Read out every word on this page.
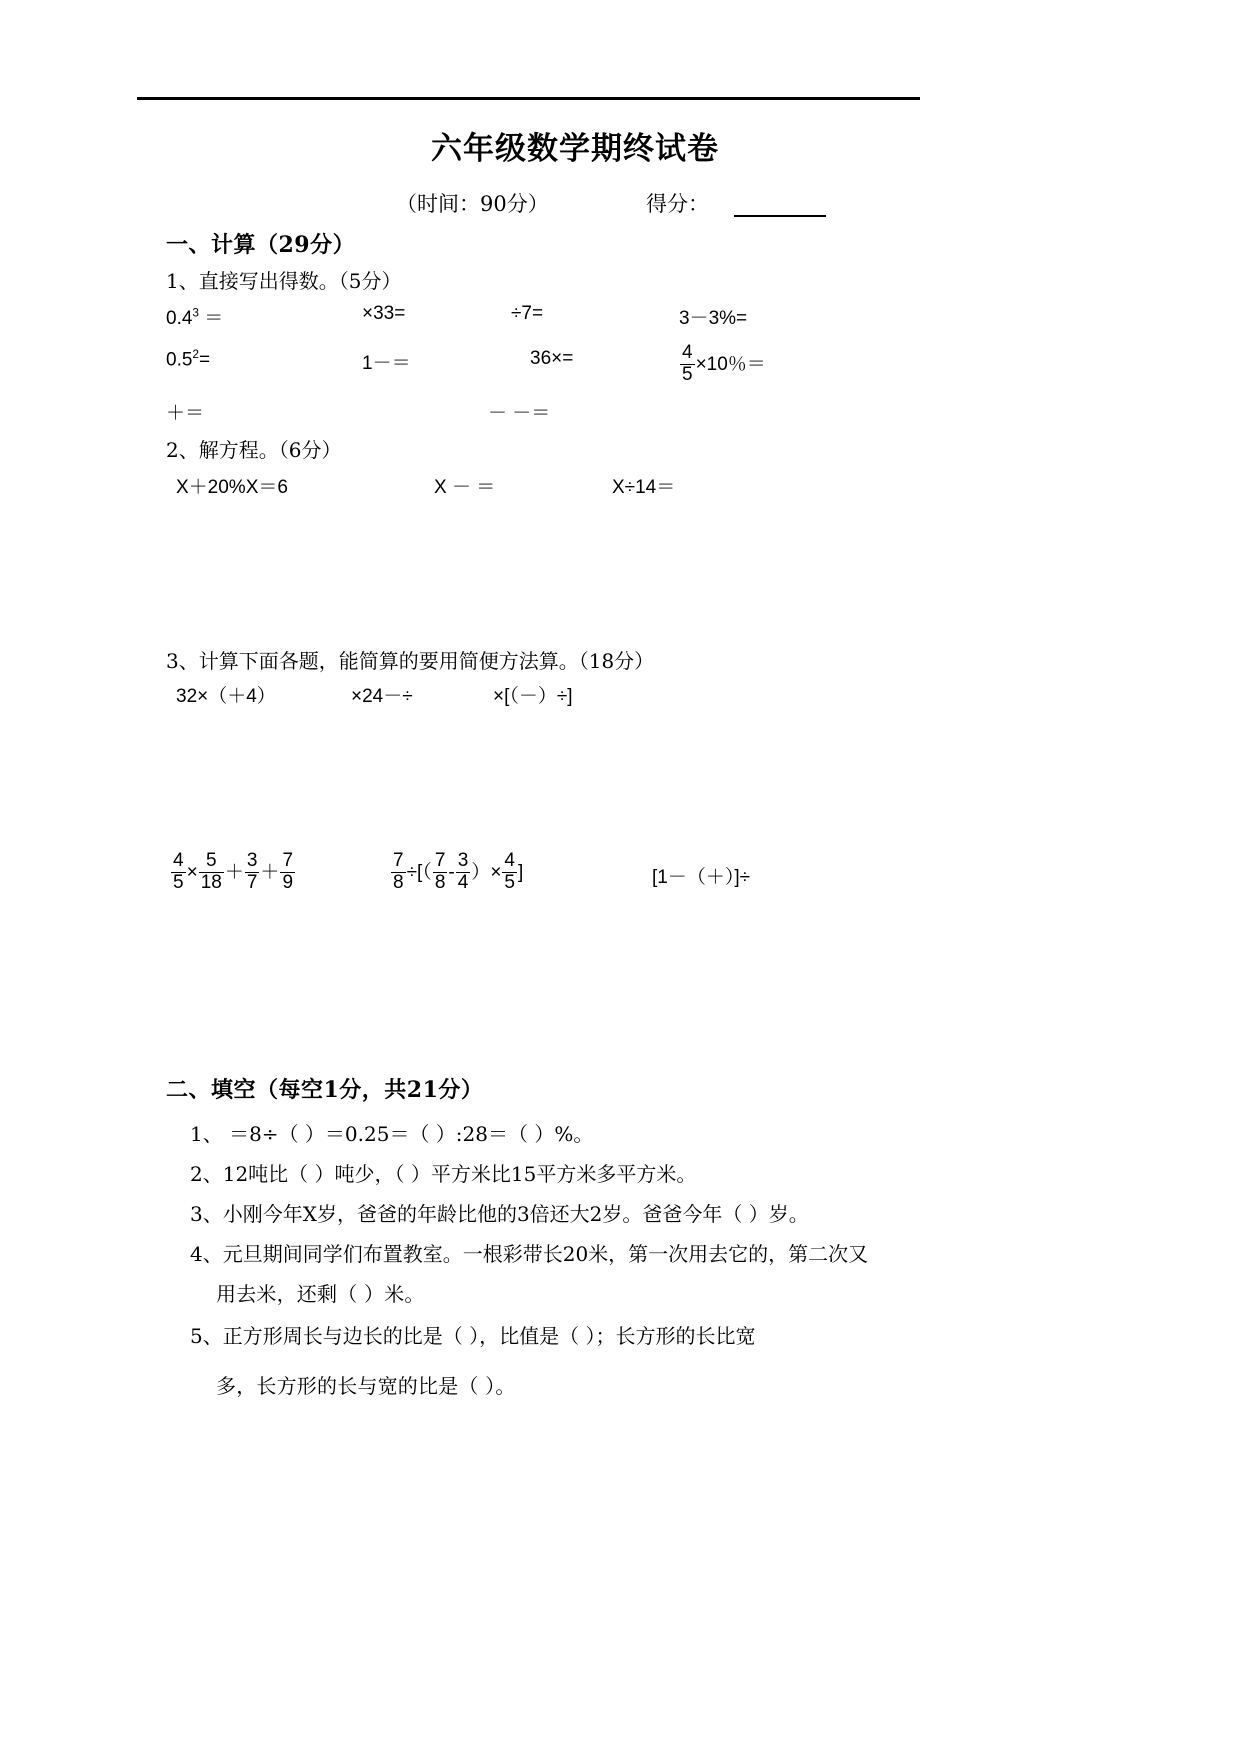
六年级数学期终试卷
（时间：90分）	得分：
一、计算（29分）
1、直接写出得数。（5分）
$0.4^3$ ＝	×33=	÷7=	3－3%=
$0.5^2=$	1－＝	36×=	$\frac{4}{5} \times 10$％＝
＋＝	－ －＝
2、解方程。（6分）
X＋20%X＝6	X － ＝	X÷14＝
3、计算下面各题，能简算的要用简便方法算。（18分）
32×（＋4）	×24－÷	×[（－）÷]
$\frac{4}{5} \times \frac{5}{18} + \frac{3}{7} + \frac{7}{9}$	$\frac{7}{8}$ ÷[（ $\frac{7}{8} - \frac{3}{4}$ ）× $\frac{4}{5}$ ]	[1－（＋）]÷
二、填空（每空1分，共21分）
1、 ＝8÷（ ）＝0.25＝（ ）:28＝（ ）%。
2、12吨比（ ）吨少，（ ）平方米比15平方米多平方米。
3、小刚今年X岁，爸爸的年龄比他的3倍还大2岁。爸爸今年（ ）岁。
4、元旦期间同学们布置教室。一根彩带长20米，第一次用去它的，第二次又
用去米，还剩（ ）米。
5、正方形周长与边长的比是（ ），比值是（ ）；长方形的长比宽
多，长方形的长与宽的比是（ ）。
